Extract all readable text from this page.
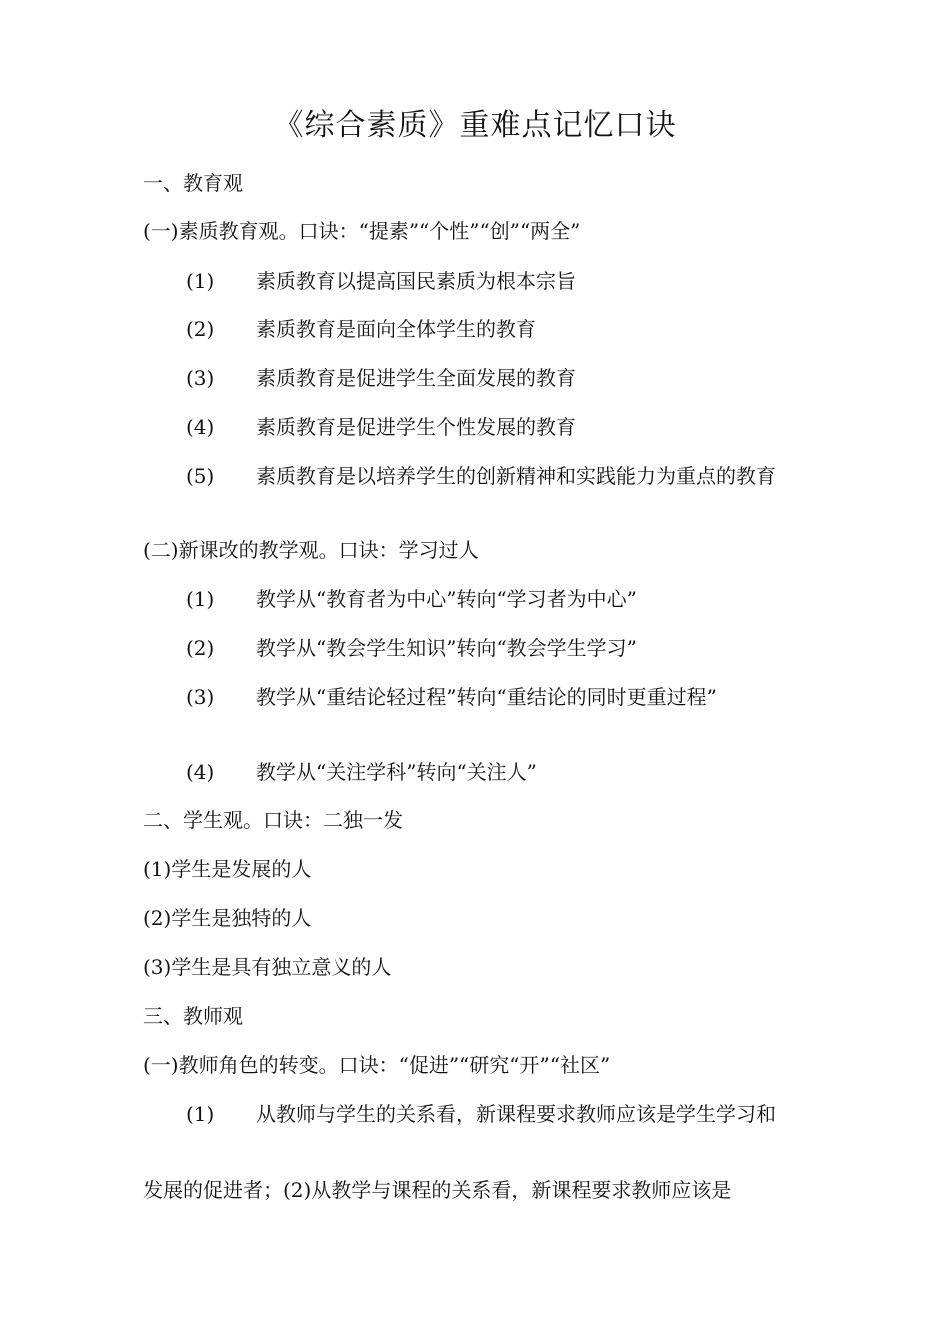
《综合素质》重难点记忆口诀
一、教育观
(一)素质教育观。口诀：“提素”“个性”“创”“两全”
(1) 素质教育以提高国民素质为根本宗旨
(2) 素质教育是面向全体学生的教育
(3) 素质教育是促进学生全面发展的教育
(4) 素质教育是促进学生个性发展的教育
(5) 素质教育是以培养学生的创新精神和实践能力为重点的教育
(二)新课改的教学观。口诀：学习过人
(1) 教学从“教育者为中心”转向“学习者为中心”
(2) 教学从“教会学生知识”转向“教会学生学习”
(3) 教学从“重结论轻过程”转向“重结论的同时更重过程”
(4) 教学从“关注学科”转向“关注人”
二、学生观。口诀：二独一发
(1)学生是发展的人
(2)学生是独特的人
(3)学生是具有独立意义的人
三、教师观
(一)教师角色的转变。口诀：“促进”“研究“开”“社区”
(1) 从教师与学生的关系看，新课程要求教师应该是学生学习和
发展的促进者；(2)从教学与课程的关系看，新课程要求教师应该是
